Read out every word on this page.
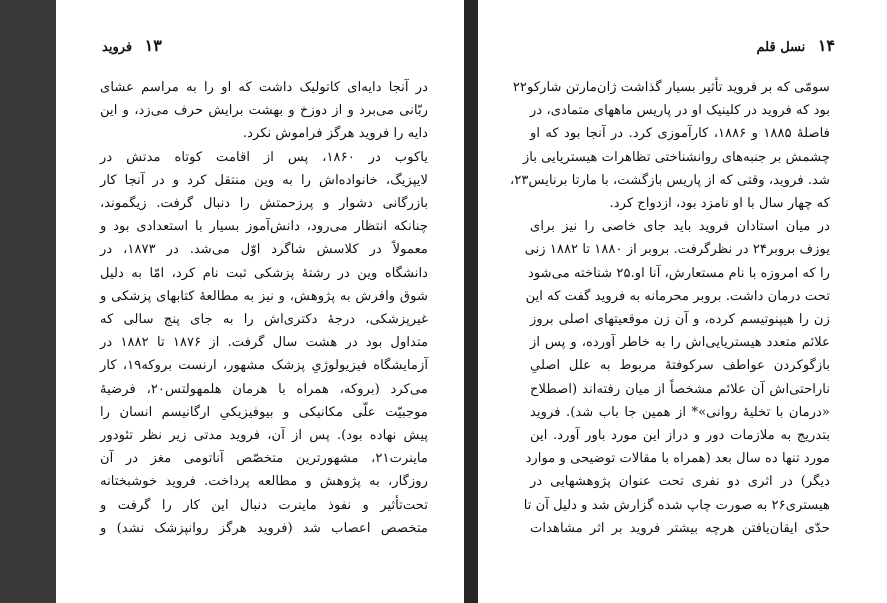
۱۳ فروید
در آنجا دایه‌ای کاتولیک داشت که او را به مراسم عشای
ربّانی می‌برد و از دوزخ و بهشت برایش حرف می‌زد، و این
دایه را فروید هرگز فراموش نکرد.
یاکوب در ۱۸۶۰، پس از اقامت کوتاه مدتش در
لایپزیگ، خانواده‌اش را به وین منتقل کرد و در آنجا کار
بازرگانی دشوار و پرزحمتش را دنبال گرفت. زیگموند،
چنانکه انتظار می‌رود، دانش‌آموز بسیار با استعدادی بود و
معمولاً در کلاسش شاگرد اوّل می‌شد. در ۱۸۷۳، در
دانشگاه وین در رشتهٔ پزشکی ثبت نام کرد، امّا به دلیل
شوق وافرش به پژوهش، و نیز به مطالعهٔ کتابهای پزشکی و
غیرپزشکی، درجهٔ دکتری‌اش را به جای پنج سالی که
متداول بود در هشت سال گرفت. از ۱۸۷۶ تا ۱۸۸۲ در
آزمایشگاه فیزیولوژیِ پزشک مشهور، ارنست بروکه۱۹، کار
می‌کرد (بروکه، همراه با هرمان هلمهولتس۲۰، فرضیهٔ
موجبیّت علّی مکانیکی و بیوفیزیکیِ ارگانیسم انسان را
پیش نهاده بود). پس از آن، فروید مدتی زیر نظر تئودور
ماینرت۲۱، مشهورترین متخصّص آناتومی مغز در آن
روزگار، به پژوهش و مطالعه پرداخت. فروید خوشبختانه
تحت‌تأثیر و نفوذ ماینرت دنبال این کار را گرفت و
متخصص اعصاب شد (فروید هرگز روانپزشک نشد) و
۱۴ نسل قلم
سومّی که بر فروید تأثیر بسیار گذاشت ژان‌مارتن شارکو۲۲
بود که فروید در کلینیک او در پاریس ماههای متمادی، در
فاصلهٔ ۱۸۸۵ و ۱۸۸۶، کارآموزی کرد. در آنجا بود که او
چشمش بر جنبه‌های روانشناختی تظاهرات هیستریایی باز
شد. فروید، وقتی که از پاریس بازگشت، با مارتا برنایس۲۳،
که چهار سال با او نامزد بود، ازدواج کرد.
در میان استادان فروید باید جای خاصی را نیز برای
یوزف بروبر۲۴ در نظرگرفت. بروبر از ۱۸۸۰ تا ۱۸۸۲ زنی
را که امروزه با نام مستعارش، آنا او.۲۵ شناخته می‌شود
تحت درمان داشت. بروبر محرمانه به فروید گفت که این
زن را هیپنوتیسم کرده، و آن زن موقعیتهای اصلی بروز
علائم متعدد هیستریایی‌اش را به خاطر آورده، و پس از
بازگوکردن عواطف سرکوفتهٔ مربوط به علل اصلیِ
ناراحتی‌اش آن علائم مشخصاً از میان رفته‌اند (اصطلاح
«درمان با تخلیهٔ روانی»* از همین جا باب شد). فروید
بتدریج به ملازمات دور و دراز این مورد باور آورد. این
مورد تنها ده سال بعد (همراه با مقالات توضیحی و موارد
دیگر) در اثری دو نفری تحت عنوان پژوهشهایی در
هیستری۲۶ به صورت چاپ شده گزارش شد و دلیل آن تا
حدّی ایقان‌یافتن هرچه بیشتر فروید بر اثر مشاهدات
